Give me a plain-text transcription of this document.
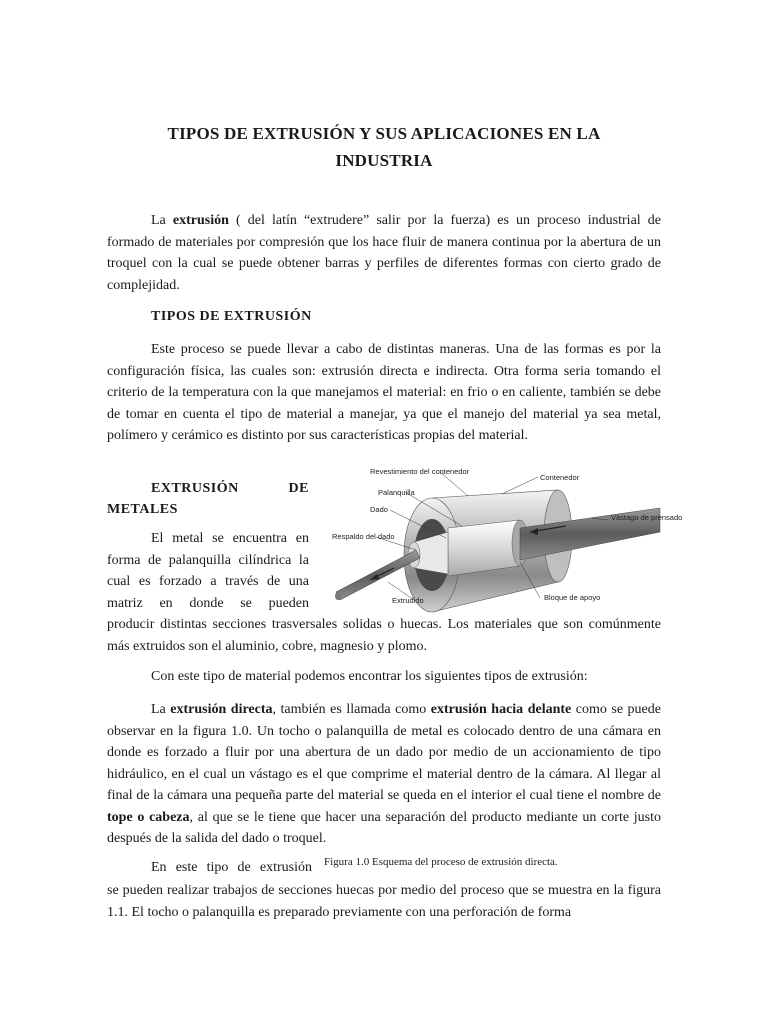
TIPOS DE EXTRUSIÓN Y SUS APLICACIONES EN LA
INDUSTRIA

La extrusión ( del latín “extrudere” salir por la fuerza) es un proceso industrial de formado de materiales por compresión que los hace fluir de manera continua por la abertura de un troquel con la cual se puede obtener barras y perfiles de diferentes formas con cierto grado de complejidad.

TIPOS DE EXTRUSIÓN

Este proceso se puede llevar a cabo de distintas maneras. Una de las formas es por la configuración física, las cuales son: extrusión directa e indirecta. Otra forma seria tomando el criterio de la temperatura con la que manejamos el material: en frio o en caliente, también se debe de tomar en cuenta el tipo de material a manejar, ya que el manejo del material ya sea metal, polímero y cerámico es distinto por sus características propias del material.

EXTRUSIÓN	DE
METALES
El metal se encuentra en
forma de palanquilla cilíndrica la
cual es forzado a través de una
matriz en donde se pueden
Revestimiento del contenedor
Contenedor
Palanquilla
Dado
Vástago de prensado
Respaldo del dado
Extrudido	Bloque de apoyo

producir distintas secciones trasversales solidas o huecas. Los materiales que son comúnmente más extruidos son el aluminio, cobre, magnesio y plomo.

Con este tipo de material podemos encontrar los siguientes tipos de extrusión:

La extrusión directa, también es llamada como extrusión hacia delante como se puede observar en la figura 1.0. Un tocho o palanquilla de metal es colocado dentro de una cámara en donde es forzado a fluir por una abertura de un dado por medio de un accionamiento de tipo hidráulico, en el cual un vástago es el que comprime el material dentro de la cámara. Al llegar al final de la cámara una pequeña parte del material se queda en el interior el cual tiene el nombre de tope o cabeza, al que se le tiene que hacer una separación del producto mediante un corte justo después de la salida del dado o troquel.

En este tipo de extrusión Figura 1.0 Esquema del proceso de extrusión directa.

se pueden realizar trabajos de secciones huecas por medio del proceso que se muestra en la figura 1.1. El tocho o palanquilla es preparado previamente con una perforación de forma
